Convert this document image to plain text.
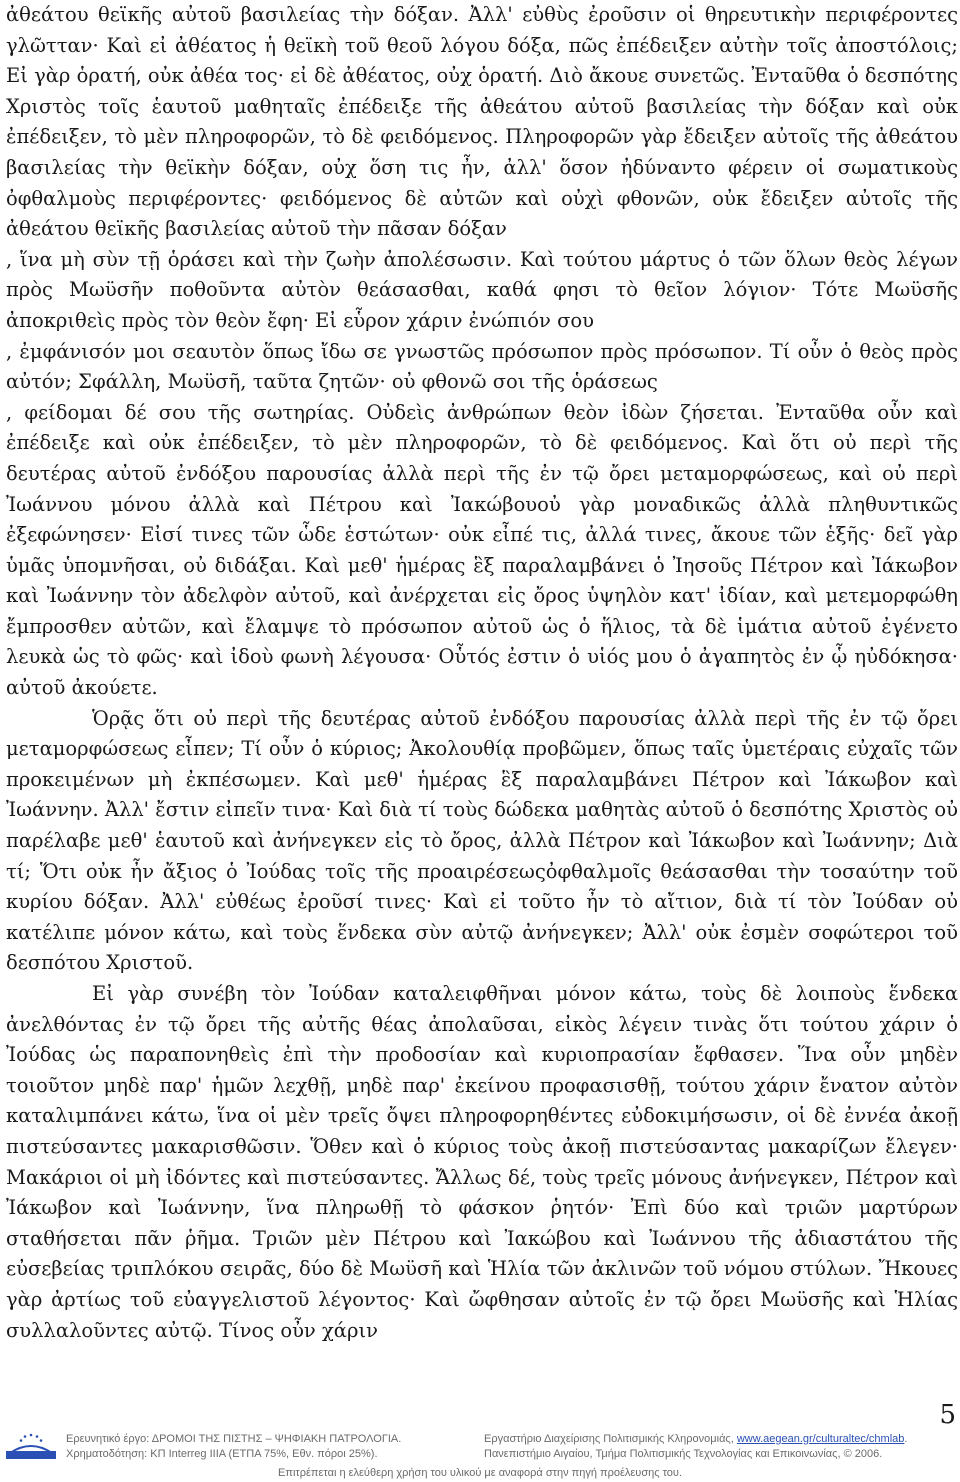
ἀθεάτου θεϊκῆς αὐτοῦ βασιλείας τὴν δόξαν. Ἀλλ' εὐθὺς ἐροῦσιν οἱ θηρευτικὴν περιφέροντες γλῶτταν· Καὶ εἰ ἀθέατος ἡ θεϊκὴ τοῦ θεοῦ λόγου δόξα, πῶς ἐπέδειξεν αὐτὴν τοῖς ἀποστόλοις; Εἰ γὰρ ὁρατή, οὐκ ἀθέα τος· εἰ δὲ ἀθέατος, οὐχ ὁρατή. Διὸ ἄκουε συνετῶς. Ἐνταῦθα ὁ δεσπότης Χριστὸς τοῖς ἑαυτοῦ μαθηταῖς ἐπέδειξε τῆς ἀθεάτου αὐτοῦ βασιλείας τὴν δόξαν καὶ οὐκ ἐπέδειξεν, τὸ μὲν πληροφορῶν, τὸ δὲ φειδόμενος. Πληροφορῶν γὰρ ἔδειξεν αὐτοῖς τῆς ἀθεάτου βασιλείας τὴν θεϊκὴν δόξαν, οὐχ ὅση τις ἦν, ἀλλ' ὅσον ἠδύναντο φέρειν οἱ σωματικοὺς ὀφθαλμοὺς περιφέροντες· φειδόμενος δὲ αὐτῶν καὶ οὐχὶ φθονῶν, οὐκ ἔδειξεν αὐτοῖς τῆς ἀθεάτου θεϊκῆς βασιλείας αὐτοῦ τὴν πᾶσαν δόξαν

, ἵνα μὴ σὺν τῇ ὁράσει καὶ τὴν ζωὴν ἀπολέσωσιν. Καὶ τούτου μάρτυς ὁ τῶν ὅλων θεὸς λέγων πρὸς Μωϋσῆν ποθοῦντα αὐτὸν θεάσασθαι, καθά φησι τὸ θεῖον λόγιον· Τότε Μωϋσῆς ἀποκριθεὶς πρὸς τὸν θεὸν ἔφη· Εἰ εὗρον χάριν ἐνώπιόν σου

, ἐμφάνισόν μοι σεαυτὸν ὅπως ἴδω σε γνωστῶς πρόσωπον πρὸς πρόσωπον. Τί οὖν ὁ θεὸς πρὸς αὐτόν; Σφάλλη, Μωϋσῆ, ταῦτα ζητῶν· οὐ φθονῶ σοι τῆς ὁράσεως

, φείδομαι δέ σου τῆς σωτηρίας. Οὐδεὶς ἀνθρώπων θεὸν ἰδὼν ζήσεται. Ἐνταῦθα οὖν καὶ ἐπέδειξε καὶ οὐκ ἐπέδειξεν, τὸ μὲν πληροφορῶν, τὸ δὲ φειδόμενος. Καὶ ὅτι οὐ περὶ τῆς δευτέρας αὐτοῦ ἐνδόξου παρουσίας ἀλλὰ περὶ τῆς ἐν τῷ ὄρει μεταμορφώσεως, καὶ οὐ περὶ Ἰωάννου μόνου ἀλλὰ καὶ Πέτρου καὶ Ἰακώβουοὐ γὰρ μοναδικῶς ἀλλὰ πληθυντικῶς ἐξεφώνησεν· Εἰσί τινες τῶν ὧδε ἑστώτων· οὐκ εἶπέ τις, ἀλλά τινες, ἄκουε τῶν ἑξῆς· δεῖ γὰρ ὑμᾶς ὑπομνῆσαι, οὐ διδάξαι. Καὶ μεθ' ἡμέρας ἓξ παραλαμβάνει ὁ Ἰησοῦς Πέτρον καὶ Ἰάκωβον καὶ Ἰωάννην τὸν ἀδελφὸν αὐτοῦ, καὶ ἀνέρχεται εἰς ὄρος ὑψηλὸν κατ' ἰδίαν, καὶ μετεμορφώθη ἔμπροσθεν αὐτῶν, καὶ ἔλαμψε τὸ πρόσωπον αὐτοῦ ὡς ὁ ἥλιος, τὰ δὲ ἱμάτια αὐτοῦ ἐγένετο λευκὰ ὡς τὸ φῶς· καὶ ἰδοὺ φωνὴ λέγουσα· Οὗτός ἐστιν ὁ υἱός μου ὁ ἀγαπητὸς ἐν ᾧ ηὐδόκησα· αὐτοῦ ἀκούετε.

Ὁρᾷς ὅτι οὐ περὶ τῆς δευτέρας αὐτοῦ ἐνδόξου παρουσίας ἀλλὰ περὶ τῆς ἐν τῷ ὄρει μεταμορφώσεως εἶπεν; Τί οὖν ὁ κύριος; Ἀκολουθίᾳ προβῶμεν, ὅπως ταῖς ὑμετέραις εὐχαῖς τῶν προκειμένων μὴ ἐκπέσωμεν. Καὶ μεθ' ἡμέρας ἓξ παραλαμβάνει Πέτρον καὶ Ἰάκωβον καὶ Ἰωάννην. Ἀλλ' ἔστιν εἰπεῖν τινα· Καὶ διὰ τί τοὺς δώδεκα μαθητὰς αὐτοῦ ὁ δεσπότης Χριστὸς οὐ παρέλαβε μεθ' ἑαυτοῦ καὶ ἀνήνεγκεν εἰς τὸ ὄρος, ἀλλὰ Πέτρον καὶ Ἰάκωβον καὶ Ἰωάννην; Διὰ τί; Ὅτι οὐκ ἦν ἄξιος ὁ Ἰούδας τοῖς τῆς προαιρέσεωςὀφθαλμοῖς θεάσασθαι τὴν τοσαύτην τοῦ κυρίου δόξαν. Ἀλλ' εὐθέως ἐροῦσί τινες· Καὶ εἰ τοῦτο ἦν τὸ αἴτιον, διὰ τί τὸν Ἰούδαν οὐ κατέλιπε μόνον κάτω, καὶ τοὺς ἕνδεκα σὺν αὐτῷ ἀνήνεγκεν; Ἀλλ' οὐκ ἐσμὲν σοφώτεροι τοῦ δεσπότου Χριστοῦ.

Εἰ γὰρ συνέβη τὸν Ἰούδαν καταλειφθῆναι μόνον κάτω, τοὺς δὲ λοιποὺς ἕνδεκα ἀνελθόντας ἐν τῷ ὄρει τῆς αὐτῆς θέας ἀπολαῦσαι, εἰκὸς λέγειν τινὰς ὅτι τούτου χάριν ὁ Ἰούδας ὡς παραπονηθεὶς ἐπὶ τὴν προδοσίαν καὶ κυριοπρασίαν ἔφθασεν. Ἵνα οὖν μηδὲν τοιοῦτον μηδὲ παρ' ἡμῶν λεχθῇ, μηδὲ παρ' ἐκείνου προφασισθῇ, τούτου χάριν ἔνατον αὐτὸν καταλιμπάνει κάτω, ἵνα οἱ μὲν τρεῖς ὄψει πληροφορηθέντες εὐδοκιμήσωσιν, οἱ δὲ ἐννέα ἀκοῇ πιστεύσαντες μακαρισθῶσιν. Ὅθεν καὶ ὁ κύριος τοὺς ἀκοῇ πιστεύσαντας μακαρίζων ἔλεγεν· Μακάριοι οἱ μὴ ἰδόντες καὶ πιστεύσαντες. Ἄλλως δέ, τοὺς τρεῖς μόνους ἀνήνεγκεν, Πέτρον καὶ Ἰάκωβον καὶ Ἰωάννην, ἵνα πληρωθῇ τὸ φάσκον ῥητόν· Ἐπὶ δύο καὶ τριῶν μαρτύρων σταθήσεται πᾶν ῥῆμα. Τριῶν μὲν Πέτρου καὶ Ἰακώβου καὶ Ἰωάννου τῆς ἀδιαστάτου τῆς εὐσεβείας τριπλόκου σειρᾶς, δύο δὲ Μωϋσῆ καὶ Ἡλία τῶν ἀκλινῶν τοῦ νόμου στύλων. Ἤκουες γὰρ ἀρτίως τοῦ εὐαγγελιστοῦ λέγοντος· Καὶ ὤφθησαν αὐτοῖς ἐν τῷ ὄρει Μωϋσῆς καὶ Ἡλίας συλλαλοῦντες αὐτῷ. Τίνος οὖν χάριν

5
Ερευνητικό έργο: ΔΡΟΜΟΙ ΤΗΣ ΠΙΣΤΗΣ – ΨΗΦΙΑΚΗ ΠΑΤΡΟΛΟΓΙΑ.
Χρηματοδότηση: ΚΠ Interreg IIIA (ΕΤΠΑ 75%, Εθν. πόροι 25%).
Εργαστήριο Διαχείρισης Πολιτισμικής Κληρονομιάς, www.aegean.gr/culturaltec/chmlab.
Πανεπιστήμιο Αιγαίου, Τμήμα Πολιτισμικής Τεχνολογίας και Επικοινωνίας, © 2006.
Επιτρέπεται η ελεύθερη χρήση του υλικού με αναφορά στην πηγή προέλευσης του.
